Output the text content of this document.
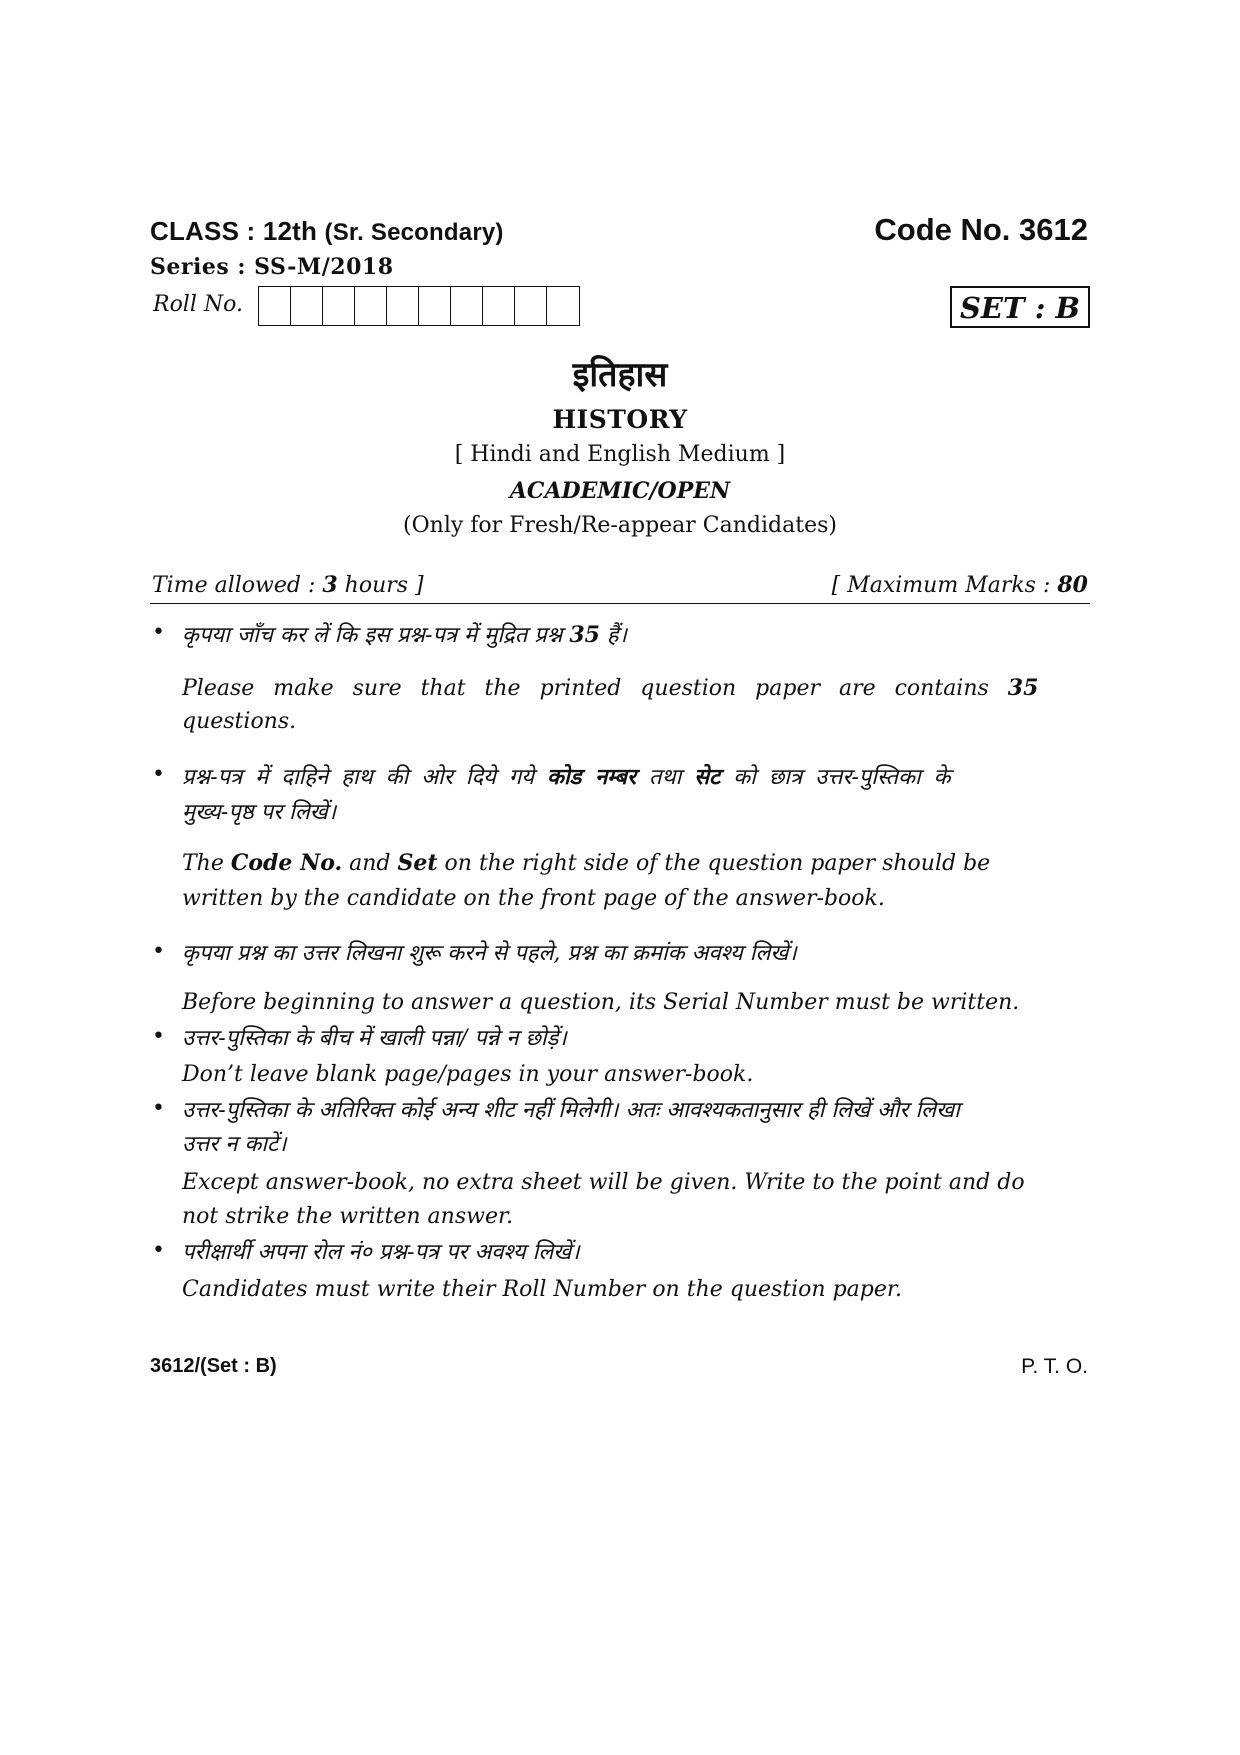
CLASS : 12th (Sr. Secondary)	Code No. 3612
Series : SS-M/2018
Roll No.	SET : B
इतिहास
HISTORY
[ Hindi and English Medium ]
ACADEMIC/OPEN
(Only for Fresh/Re-appear Candidates)
Time allowed : 3 hours ]	[ Maximum Marks : 80
• कृपया जाँच कर लें कि इस प्रश्न-पत्र में मुद्रित प्रश्न 35 हैं।
Please make sure that the printed question paper are contains 35
questions.
• प्रश्न-पत्र में दाहिने हाथ की ओर दिये गये कोड नम्बर तथा सेट को छात्र उत्तर-पुस्तिका के
मुख्य-पृष्ठ पर लिखें।
The Code No. and Set on the right side of the question paper should be
written by the candidate on the front page of the answer-book.
• कृपया प्रश्न का उत्तर लिखना शुरू करने से पहले, प्रश्न का क्रमांक अवश्य लिखें।
Before beginning to answer a question, its Serial Number must be written.
• उत्तर-पुस्तिका के बीच में खाली पन्ना/ पन्ने न छोड़ें।
Don’t leave blank page/pages in your answer-book.
• उत्तर-पुस्तिका के अतिरिक्त कोई अन्य शीट नहीं मिलेगी। अतः आवश्यकतानुसार ही लिखें और लिखा
उत्तर न काटें।
Except answer-book, no extra sheet will be given. Write to the point and do
not strike the written answer.
• परीक्षार्थी अपना रोल नं० प्रश्न-पत्र पर अवश्य लिखें।
Candidates must write their Roll Number on the question paper.
3612/(Set : B)	P. T. O.
